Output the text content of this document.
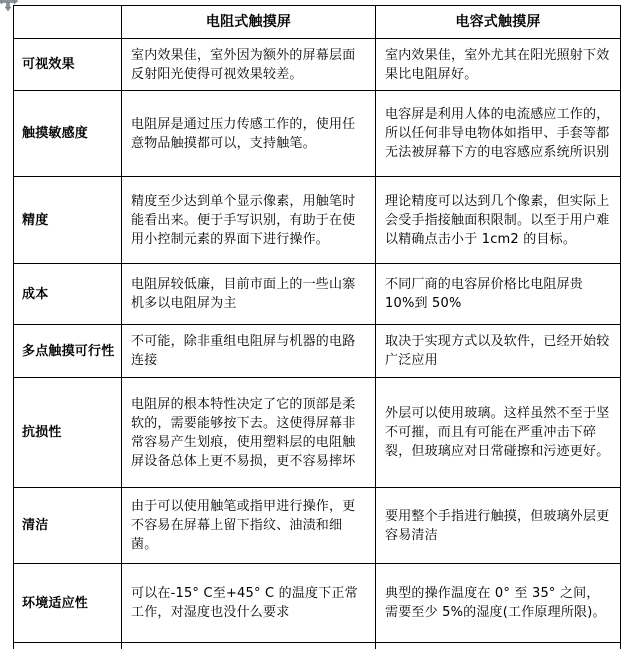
	电阻式触摸屏	电容式触摸屏
可视效果	室内效果佳，室外因为额外的屏幕层面反射阳光使得可视效果较差。	室内效果佳，室外尤其在阳光照射下效果比电阻屏好。
触摸敏感度	电阻屏是通过压力传感工作的，使用任意物品触摸都可以，支持触笔。	电容屏是利用人体的电流感应工作的，所以任何非导电物体如指甲、手套等都无法被屏幕下方的电容感应系统所识别
精度	精度至少达到单个显示像素，用触笔时能看出来。便于手写识别，有助于在使用小控制元素的界面下进行操作。	理论精度可以达到几个像素，但实际上会受手指接触面积限制。以至于用户难以精确点击小于 1cm2 的目标。
成本	电阻屏较低廉，目前市面上的一些山寨机多以电阻屏为主	不同厂商的电容屏价格比电阻屏贵10%到 50%
多点触摸可行性	不可能，除非重组电阻屏与机器的电路连接	取决于实现方式以及软件，已经开始较广泛应用
抗损性	电阻屏的根本特性决定了它的顶部是柔软的，需要能够按下去。这使得屏幕非常容易产生划痕，使用塑料层的电阻触屏设备总体上更不易损，更不容易摔坏	外层可以使用玻璃。这样虽然不至于坚不可摧，而且有可能在严重冲击下碎裂，但玻璃应对日常碰擦和污迹更好。
清洁	由于可以使用触笔或指甲进行操作，更不容易在屏幕上留下指纹、油渍和细菌。	要用整个手指进行触摸，但玻璃外层更容易清洁
环境适应性	可以在-15° C至+45° C 的温度下正常工作，对湿度也没什么要求	典型的操作温度在 0° 至 35° 之间，需要至少 5%的湿度(工作原理所限)。
